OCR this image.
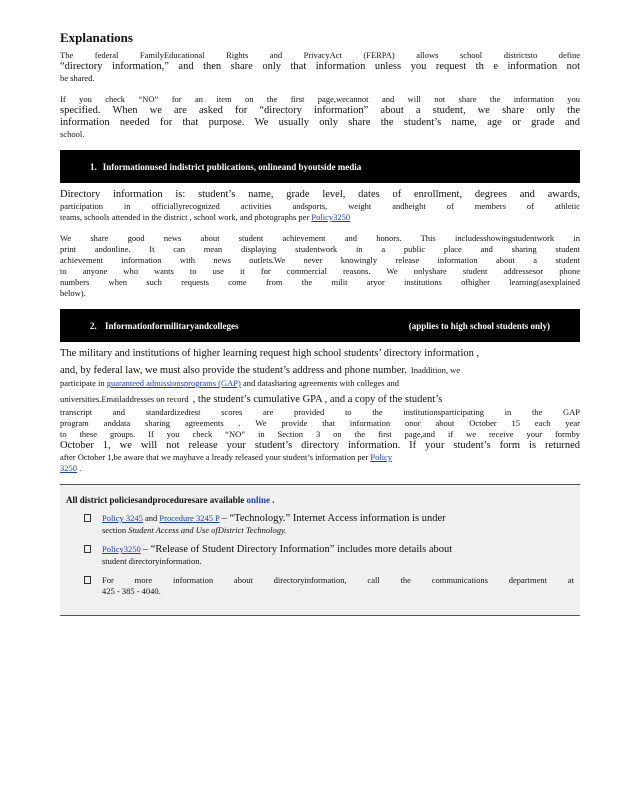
Explanations

The federal FamilyEducational Rights and PrivacyAct (FERPA) allows school districtsto define

“directory information,” and then share only that information unless you request th e information not

be shared.

If you check “NO” for an item on the first page,wecannot and will not share the information you

specified. When we are asked for “directory information” about a student, we share only the

information needed for that purpose. We usually only share the student’s name, age or grade and

school.

1. Informationused indistrict publications, onlineand byoutside media

Directory information is: student’s name, grade level, dates of enrollment, degrees and awards,

participation in officiallyrecognized activities andsports, weight andheight of members of athletic

teams, schools attended in the district , school work, and photographs per Policy3250

We share good news about student achievement and honors. This includesshowingstudentwork in

print andonline. It can mean displaying studentwork in a public place and sharing student

achievement information with news outlets.We never knowingly release information about a student

to anyone who wants to use it for commercial reasons. We onlyshare student addressesor phone

numbers when such requests come from the milit aryor institutions ofhigher learning(asexplained

below).

2. Informationformilitaryandcolleges	(applies to high school students only)

The military and institutions of higher learning request high school students’ directory information ,

and, by federal law, we must also provide the student’s address and phone number. Inaddition, we

participate in guaranteed admissionsprograms (GAP) and datasharing agreements with colleges and

universities.Emailaddresses on record , the student’s cumulative GPA , and a copy of the student’s

transcript and standardizedtest scores are provided to the institutionsparticipating in the GAP

program anddata sharing agreements . We provide that information onor about October 15 each year

to these groups. If you check “NO” in Section 3 on the first page,and if we receive your formby

October 1, we will not release your student’s directory information. If your student’s form is returned

after October 1,be aware that we mayhave a lready released your student’s information per Policy

3250 .

All district policiesandproceduresare available online .

Policy 3245 and Procedure 3245 P – “Technology.” Internet Access information is under

section Student Access and Use ofDistrict Technology.

Policy3250 – “Release of Student Directory Information” includes more details about

student directoryinformation.

For more information about directoryinformation, call the communications department at

425 - 385 - 4040.
